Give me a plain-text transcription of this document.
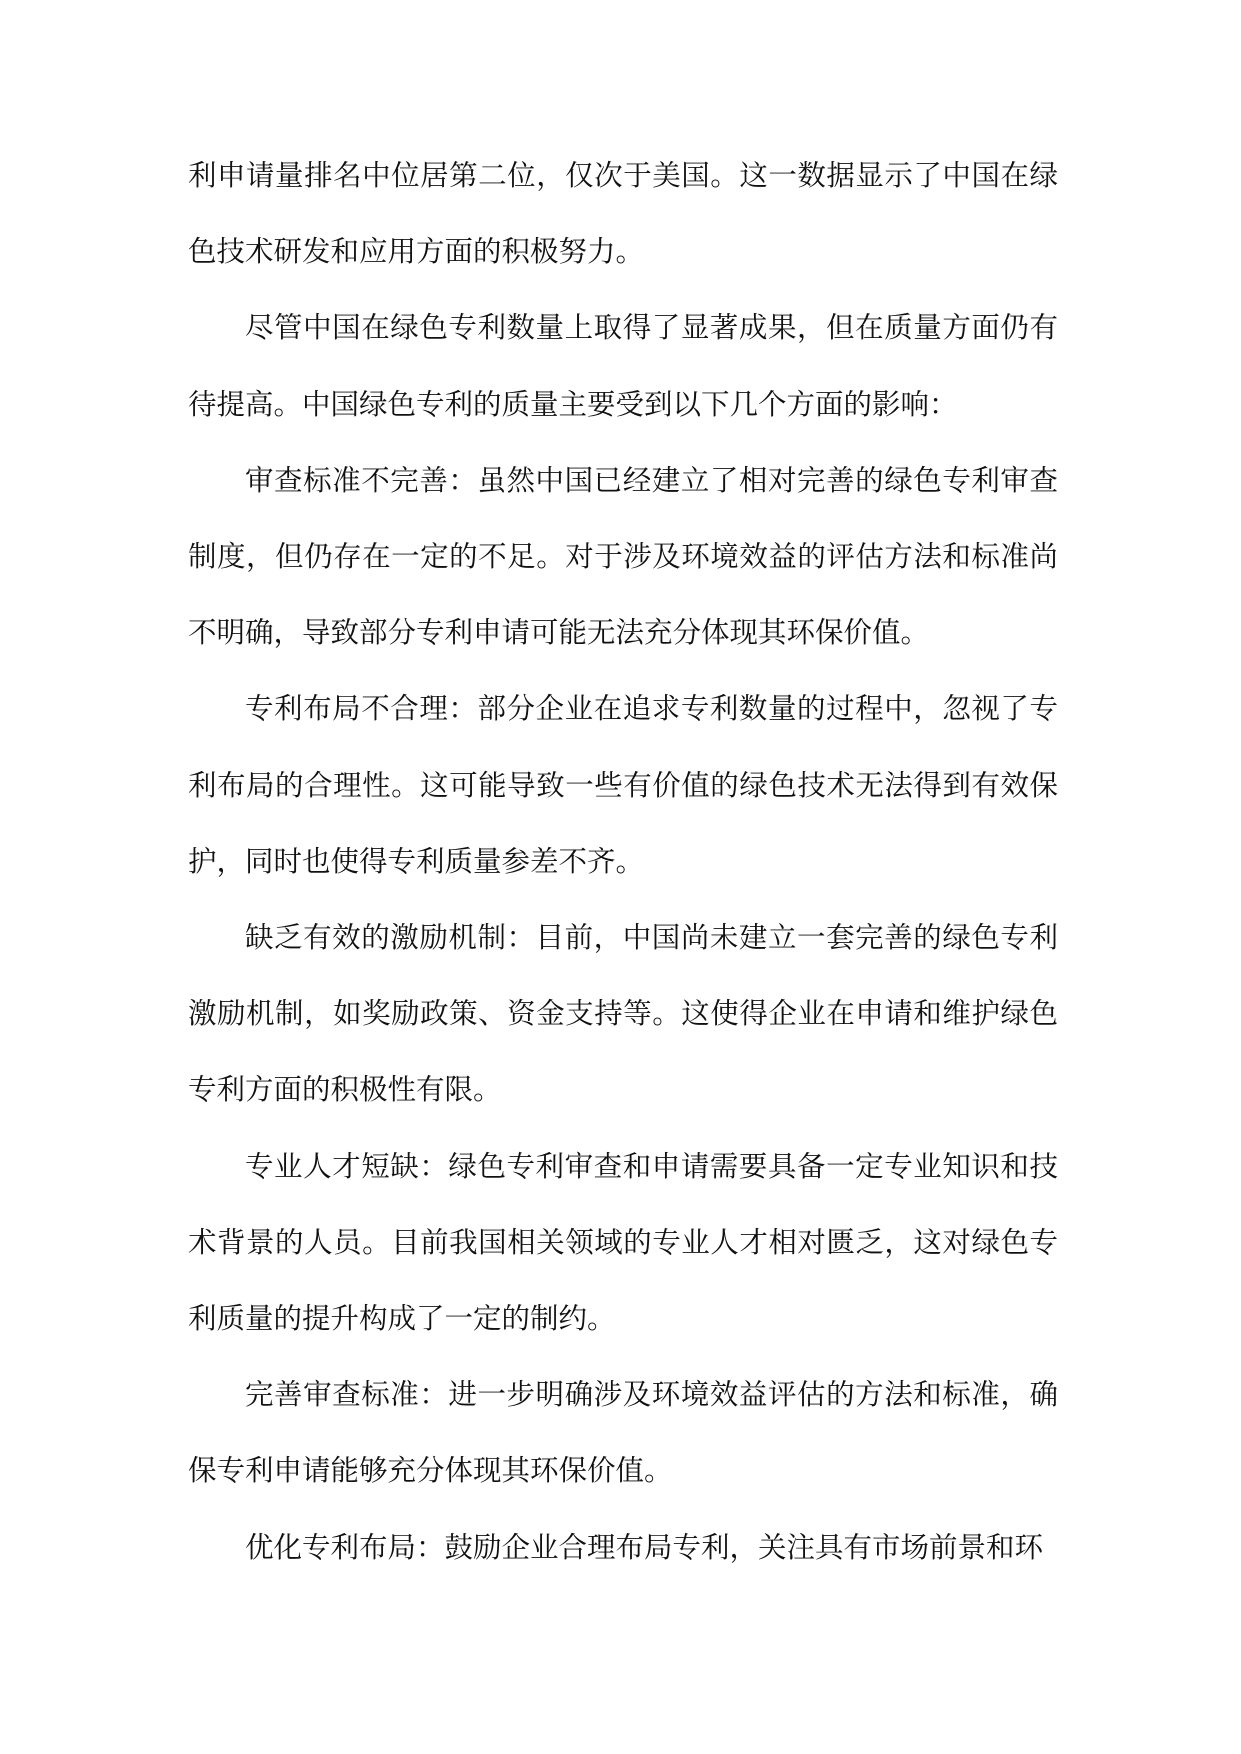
利申请量排名中位居第二位，仅次于美国。这一数据显示了中国在绿色技术研发和应用方面的积极努力。

尽管中国在绿色专利数量上取得了显著成果，但在质量方面仍有待提高。中国绿色专利的质量主要受到以下几个方面的影响：

审查标准不完善：虽然中国已经建立了相对完善的绿色专利审查制度，但仍存在一定的不足。对于涉及环境效益的评估方法和标准尚不明确，导致部分专利申请可能无法充分体现其环保价值。

专利布局不合理：部分企业在追求专利数量的过程中，忽视了专利布局的合理性。这可能导致一些有价值的绿色技术无法得到有效保护，同时也使得专利质量参差不齐。

缺乏有效的激励机制：目前，中国尚未建立一套完善的绿色专利激励机制，如奖励政策、资金支持等。这使得企业在申请和维护绿色专利方面的积极性有限。

专业人才短缺：绿色专利审查和申请需要具备一定专业知识和技术背景的人员。目前我国相关领域的专业人才相对匮乏，这对绿色专利质量的提升构成了一定的制约。

完善审查标准：进一步明确涉及环境效益评估的方法和标准，确保专利申请能够充分体现其环保价值。

优化专利布局：鼓励企业合理布局专利，关注具有市场前景和环
